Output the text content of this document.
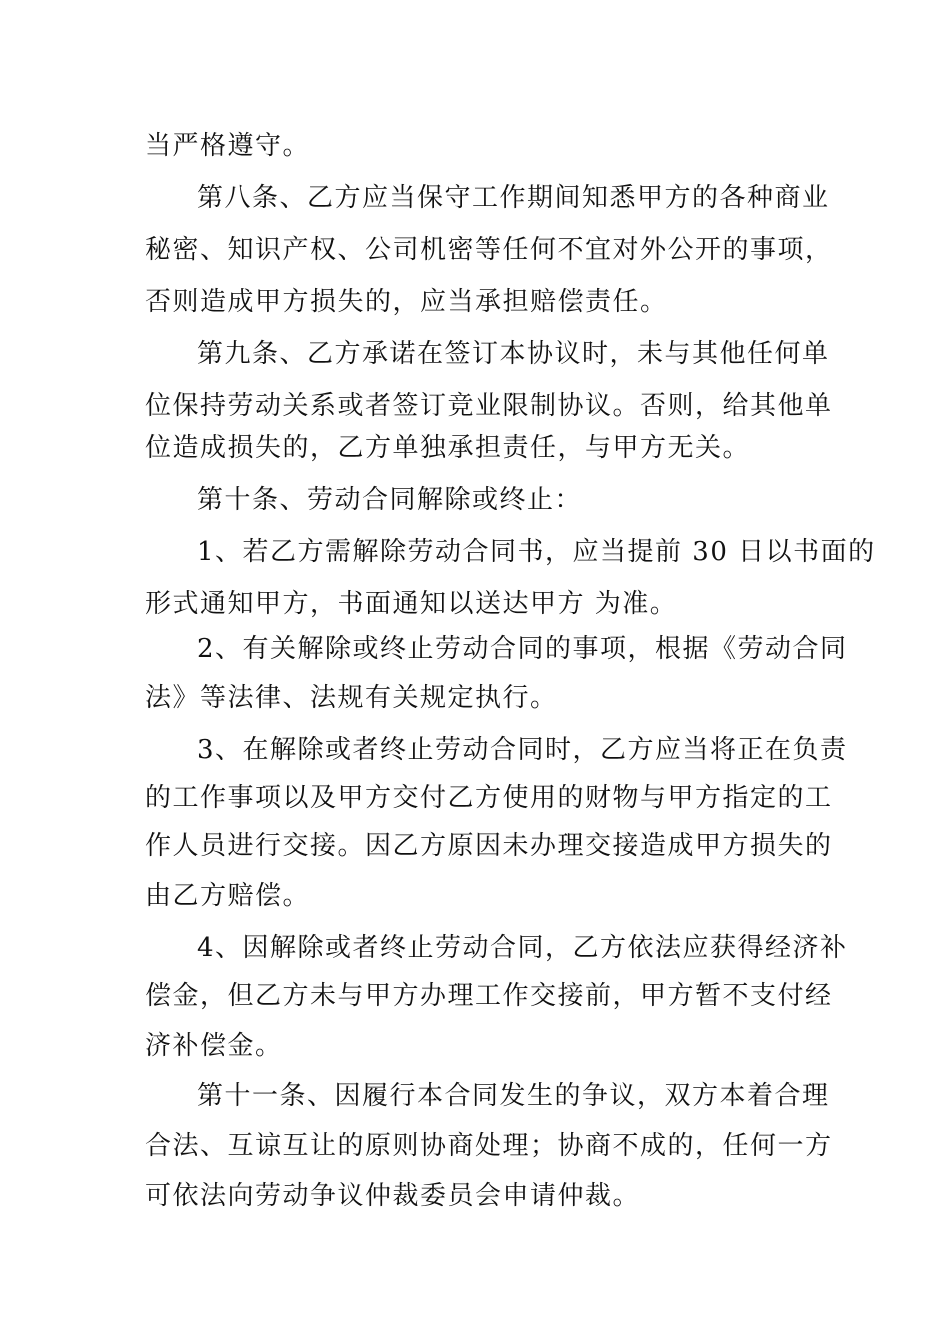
当严格遵守。
第八条、乙方应当保守工作期间知悉甲方的各种商业
秘密、知识产权、公司机密等任何不宜对外公开的事项，
否则造成甲方损失的，应当承担赔偿责任。
第九条、乙方承诺在签订本协议时，未与其他任何单
位保持劳动关系或者签订竞业限制协议。否则，给其他单
位造成损失的，乙方单独承担责任，与甲方无关。
第十条、劳动合同解除或终止：
1、若乙方需解除劳动合同书，应当提前 30 日以书面的
形式通知甲方，书面通知以送达甲方 为准。
2、有关解除或终止劳动合同的事项，根据《劳动合同
法》等法律、法规有关规定执行。
3、在解除或者终止劳动合同时，乙方应当将正在负责
的工作事项以及甲方交付乙方使用的财物与甲方指定的工
作人员进行交接。因乙方原因未办理交接造成甲方损失的
由乙方赔偿。
4、因解除或者终止劳动合同，乙方依法应获得经济补
偿金，但乙方未与甲方办理工作交接前，甲方暂不支付经
济补偿金。
第十一条、因履行本合同发生的争议，双方本着合理
合法、互谅互让的原则协商处理；协商不成的，任何一方
可依法向劳动争议仲裁委员会申请仲裁。
